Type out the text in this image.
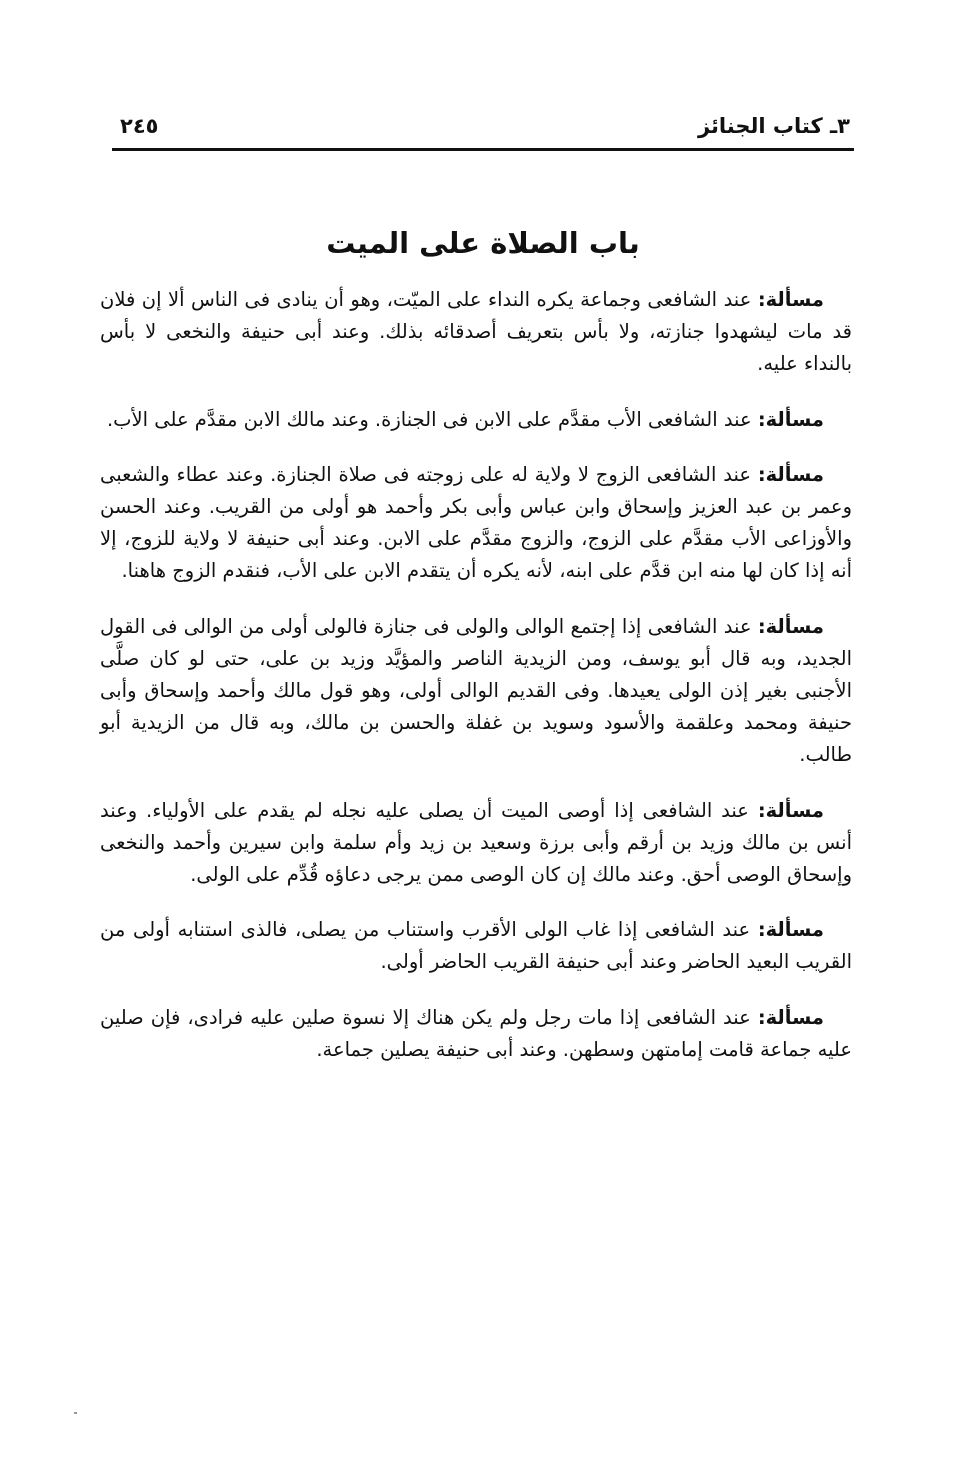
٣ـ كتاب الجنائز
٢٤٥
باب الصلاة على الميت

مسألة: عند الشافعى وجماعة يكره النداء على الميّت، وهو أن ينادى فى الناس ألا إن فلان قد مات ليشهدوا جنازته، ولا بأس بتعريف أصدقائه بذلك. وعند أبى حنيفة والنخعى لا بأس بالنداء عليه.

مسألة: عند الشافعى الأب مقدَّم على الابن فى الجنازة. وعند مالك الابن مقدَّم على الأب.

مسألة: عند الشافعى الزوج لا ولاية له على زوجته فى صلاة الجنازة. وعند عطاء والشعبى وعمر بن عبد العزيز وإسحاق وابن عباس وأبى بكر وأحمد هو أولى من القريب. وعند الحسن والأوزاعى الأب مقدَّم على الزوج، والزوج مقدَّم على الابن. وعند أبى حنيفة لا ولاية للزوج، إلا أنه إذا كان لها منه ابن قدَّم على ابنه، لأنه يكره أن يتقدم الابن على الأب، فنقدم الزوج هاهنا.

مسألة: عند الشافعى إذا إجتمع الوالى والولى فى جنازة فالولى أولى من الوالى فى القول الجديد، وبه قال أبو يوسف، ومن الزيدية الناصر والمؤيَّد وزيد بن على، حتى لو كان صلَّى الأجنبى بغير إذن الولى يعيدها. وفى القديم الوالى أولى، وهو قول مالك وأحمد وإسحاق وأبى حنيفة ومحمد وعلقمة والأسود وسويد بن غفلة والحسن بن مالك، وبه قال من الزيدية أبو طالب.

مسألة: عند الشافعى إذا أوصى الميت أن يصلى عليه نجله لم يقدم على الأولياء. وعند أنس بن مالك وزيد بن أرقم وأبى برزة وسعيد بن زيد وأم سلمة وابن سيرين وأحمد والنخعى وإسحاق الوصى أحق. وعند مالك إن كان الوصى ممن يرجى دعاؤه قُدِّم على الولى.

مسألة: عند الشافعى إذا غاب الولى الأقرب واستناب من يصلى، فالذى استنابه أولى من القريب البعيد الحاضر وعند أبى حنيفة القريب الحاضر أولى.

مسألة: عند الشافعى إذا مات رجل ولم يكن هناك إلا نسوة صلين عليه فرادى، فإن صلين عليه جماعة قامت إمامتهن وسطهن. وعند أبى حنيفة يصلين جماعة.
